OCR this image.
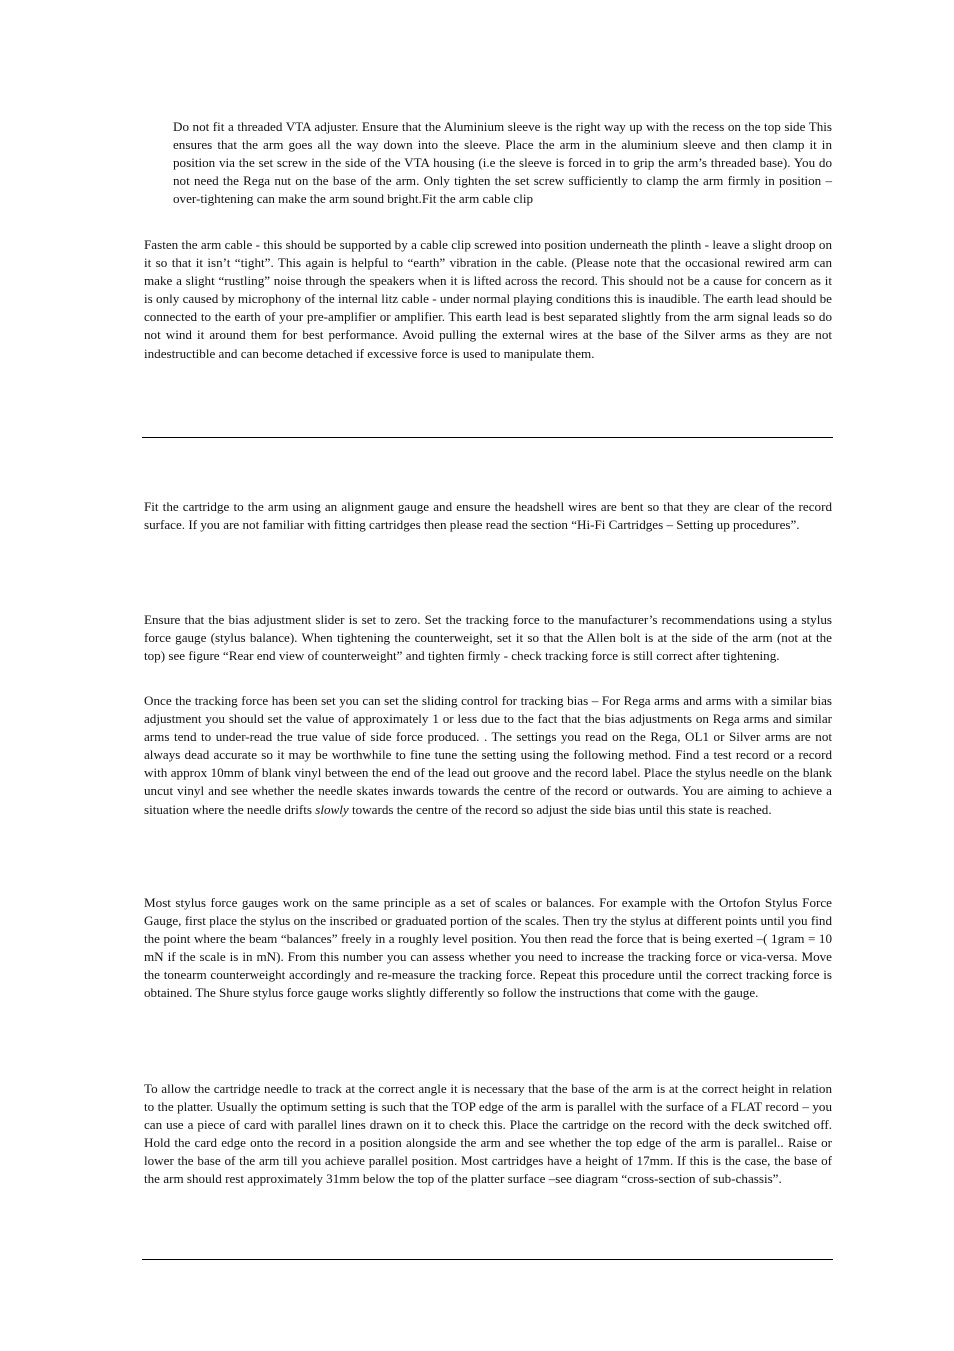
Do not fit a threaded VTA adjuster. Ensure that the Aluminium sleeve is the right way up with the recess on the top side This ensures that the arm goes all the way down into the sleeve. Place the arm in the aluminium sleeve and then clamp it in position via the set screw in the side of the VTA housing (i.e the sleeve is forced in to grip the arm’s threaded base). You do not need the Rega nut on the base of the arm. Only tighten the set screw sufficiently to clamp the arm firmly in position – over-tightening can make the arm sound bright.Fit the arm cable clip

Fasten the arm cable - this should be supported by a cable clip screwed into position underneath the plinth - leave a slight droop on it so that it isn’t “tight”. This again is helpful to “earth” vibration in the cable. (Please note that the occasional rewired arm can make a slight “rustling” noise through the speakers when it is lifted across the record. This should not be a cause for concern as it is only caused by microphony of the internal litz cable - under normal playing conditions this is inaudible. The earth lead should be connected to the earth of your pre-amplifier or amplifier. This earth lead is best separated slightly from the arm signal leads so do not wind it around them for best performance. Avoid pulling the external wires at the base of the Silver arms as they are not indestructible and can become detached if excessive force is used to manipulate them.

Fit the cartridge to the arm using an alignment gauge and ensure the headshell wires are bent so that they are clear of the record surface. If you are not familiar with fitting cartridges then please read the section “Hi-Fi Cartridges – Setting up procedures”.

Ensure that the bias adjustment slider is set to zero. Set the tracking force to the manufacturer’s recommendations using a stylus force gauge (stylus balance). When tightening the counterweight, set it so that the Allen bolt is at the side of the arm (not at the top) see figure “Rear end view of counterweight” and tighten firmly - check tracking force is still correct after tightening.

Once the tracking force has been set you can set the sliding control for tracking bias – For Rega arms and arms with a similar bias adjustment you should set the value of approximately 1 or less due to the fact that the bias adjustments on Rega arms and similar arms tend to under-read the true value of side force produced. . The settings you read on the Rega, OL1 or Silver arms are not always dead accurate so it may be worthwhile to fine tune the setting using the following method. Find a test record or a record with approx 10mm of blank vinyl between the end of the lead out groove and the record label. Place the stylus needle on the blank uncut vinyl and see whether the needle skates inwards towards the centre of the record or outwards. You are aiming to achieve a situation where the needle drifts slowly towards the centre of the record so adjust the side bias until this state is reached.

Most stylus force gauges work on the same principle as a set of scales or balances. For example with the Ortofon Stylus Force Gauge, first place the stylus on the inscribed or graduated portion of the scales. Then try the stylus at different points until you find the point where the beam “balances” freely in a roughly level position. You then read the force that is being exerted –( 1gram = 10 mN if the scale is in mN). From this number you can assess whether you need to increase the tracking force or vica-versa. Move the tonearm counterweight accordingly and re-measure the tracking force. Repeat this procedure until the correct tracking force is obtained. The Shure stylus force gauge works slightly differently so follow the instructions that come with the gauge.

To allow the cartridge needle to track at the correct angle it is necessary that the base of the arm is at the correct height in relation to the platter. Usually the optimum setting is such that the TOP edge of the arm is parallel with the surface of a FLAT record – you can use a piece of card with parallel lines drawn on it to check this. Place the cartridge on the record with the deck switched off. Hold the card edge onto the record in a position alongside the arm and see whether the top edge of the arm is parallel.. Raise or lower the base of the arm till you achieve parallel position. Most cartridges have a height of 17mm. If this is the case, the base of the arm should rest approximately 31mm below the top of the platter surface –see diagram “cross-section of sub-chassis”.
